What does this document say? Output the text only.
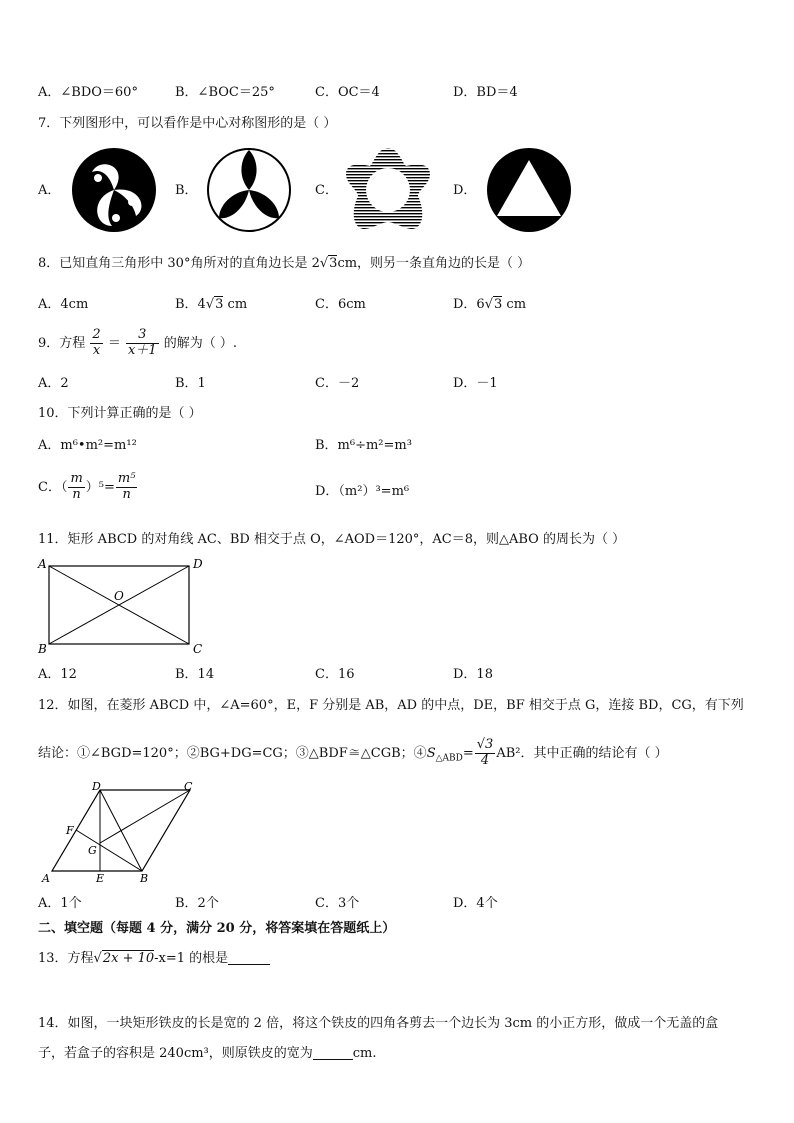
A．∠BDO＝60°	B．∠BOC＝25°	C．OC＝4	D．BD＝4
7．下列图形中，可以看作是中心对称图形的是（ ）
A．	B．	C．	D．
8．已知直角三角形中 30°角所对的直角边长是 2√3cm，则另一条直角边的长是（ ）
A．4cm	B．4√3 cm	C．6cm	D．6√3 cm
9．方程 $\frac{2}{x} = \frac{3}{x+1}$ 的解为（ ）.
A．2	B．1	C．－2	D．－1
10．下列计算正确的是（ ）
A．m⁶•m²=m¹²	B．m⁶÷m²=m³
C．（ $\frac{m}{n} )^5= \frac{\text{m⁵}}{n}$	D．（m²）³=m⁶
11．矩形 ABCD 的对角线 AC、BD 相交于点 O，∠AOD＝120°，AC＝8，则△ABO 的周长为（ ）
A	D
B	C
O
A．12	B．14	C．16	D．18
12．如图，在菱形 ABCD 中，∠A=60°，E，F 分别是 AB，AD 的中点，DE，BF 相交于点 G，连接 BD，CG，有下列
结论：①∠BGD=120°；②BG+DG=CG；③△BDF≅△CGB；$④S_{\triangle ABD}= \frac{√3}{4} AB^2$．其中正确的结论有（ ）
A	B
C
D
E
F
G
A．1个	B．2个	C．3个	D．4个
二、填空题（每题 4 分，满分 20 分，将答案填在答题纸上）
13．方程√2x + 10-x=1 的根是
14．如图，一块矩形铁皮的长是宽的 2 倍，将这个铁皮的四角各剪去一个边长为 3cm 的小正方形，做成一个无盖的盒
子，若盒子的容积是 240cm³，则原铁皮的宽为	cm.
